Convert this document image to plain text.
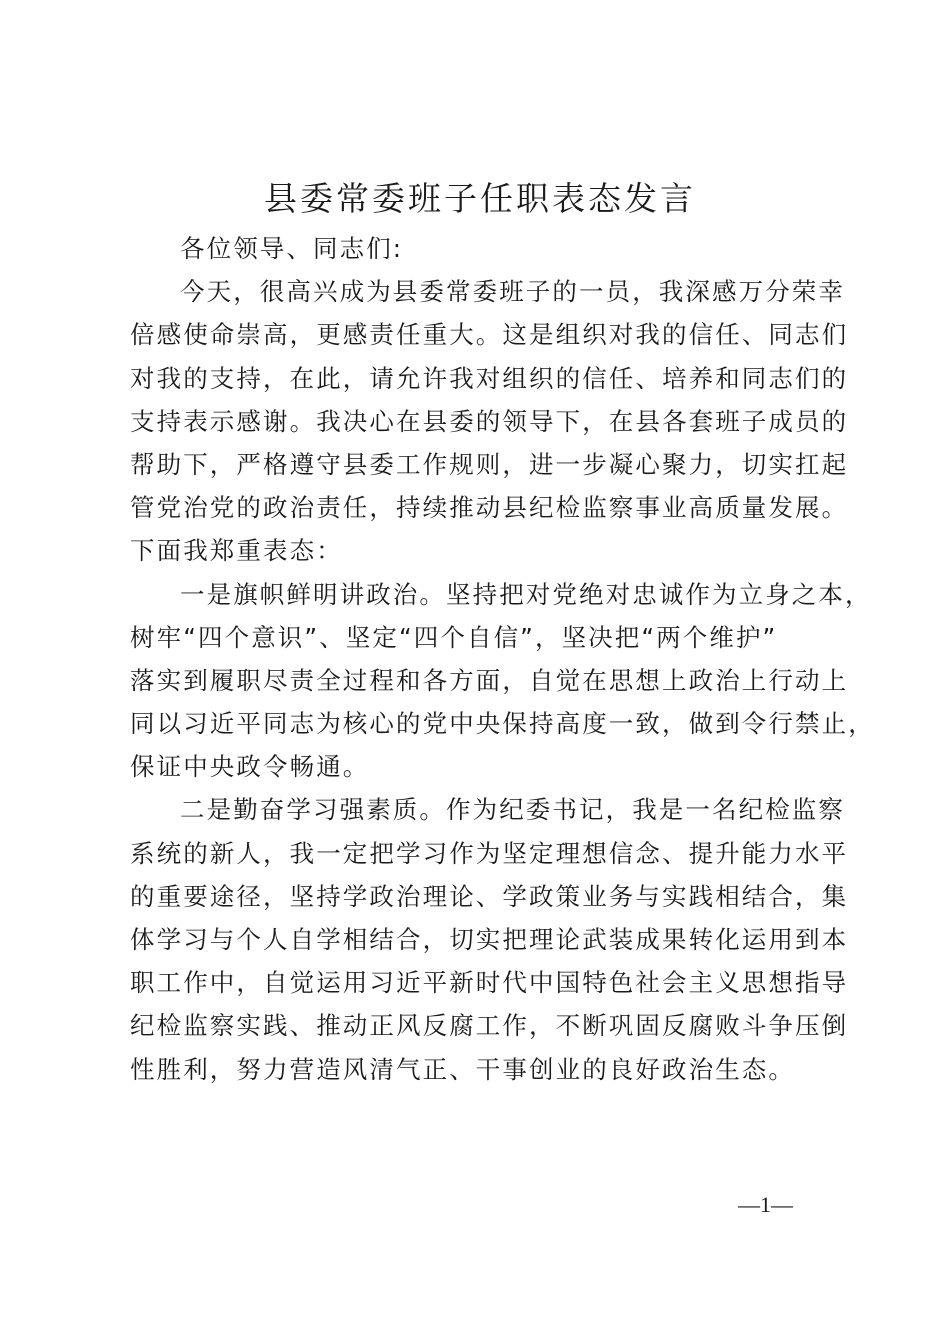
县委常委班子任职表态发言
各位领导、同志们:
今天，很高兴成为县委常委班子的一员，我深感万分荣幸
倍感使命崇高，更感责任重大。这是组织对我的信任、同志们
对我的支持，在此，请允许我对组织的信任、培养和同志们的
支持表示感谢。我决心在县委的领导下，在县各套班子成员的
帮助下，严格遵守县委工作规则，进一步凝心聚力，切实扛起
管党治党的政治责任，持续推动县纪检监察事业高质量发展。
下面我郑重表态：
一是旗帜鲜明讲政治。坚持把对党绝对忠诚作为立身之本，
树牢“四个意识”、坚定“四个自信”，坚决把“两个维护”
落实到履职尽责全过程和各方面，自觉在思想上政治上行动上
同以习近平同志为核心的党中央保持高度一致，做到令行禁止，
保证中央政令畅通。
二是勤奋学习强素质。作为纪委书记，我是一名纪检监察
系统的新人，我一定把学习作为坚定理想信念、提升能力水平
的重要途径，坚持学政治理论、学政策业务与实践相结合，集
体学习与个人自学相结合，切实把理论武装成果转化运用到本
职工作中，自觉运用习近平新时代中国特色社会主义思想指导
纪检监察实践、推动正风反腐工作，不断巩固反腐败斗争压倒
性胜利，努力营造风清气正、干事创业的良好政治生态。
—1—
